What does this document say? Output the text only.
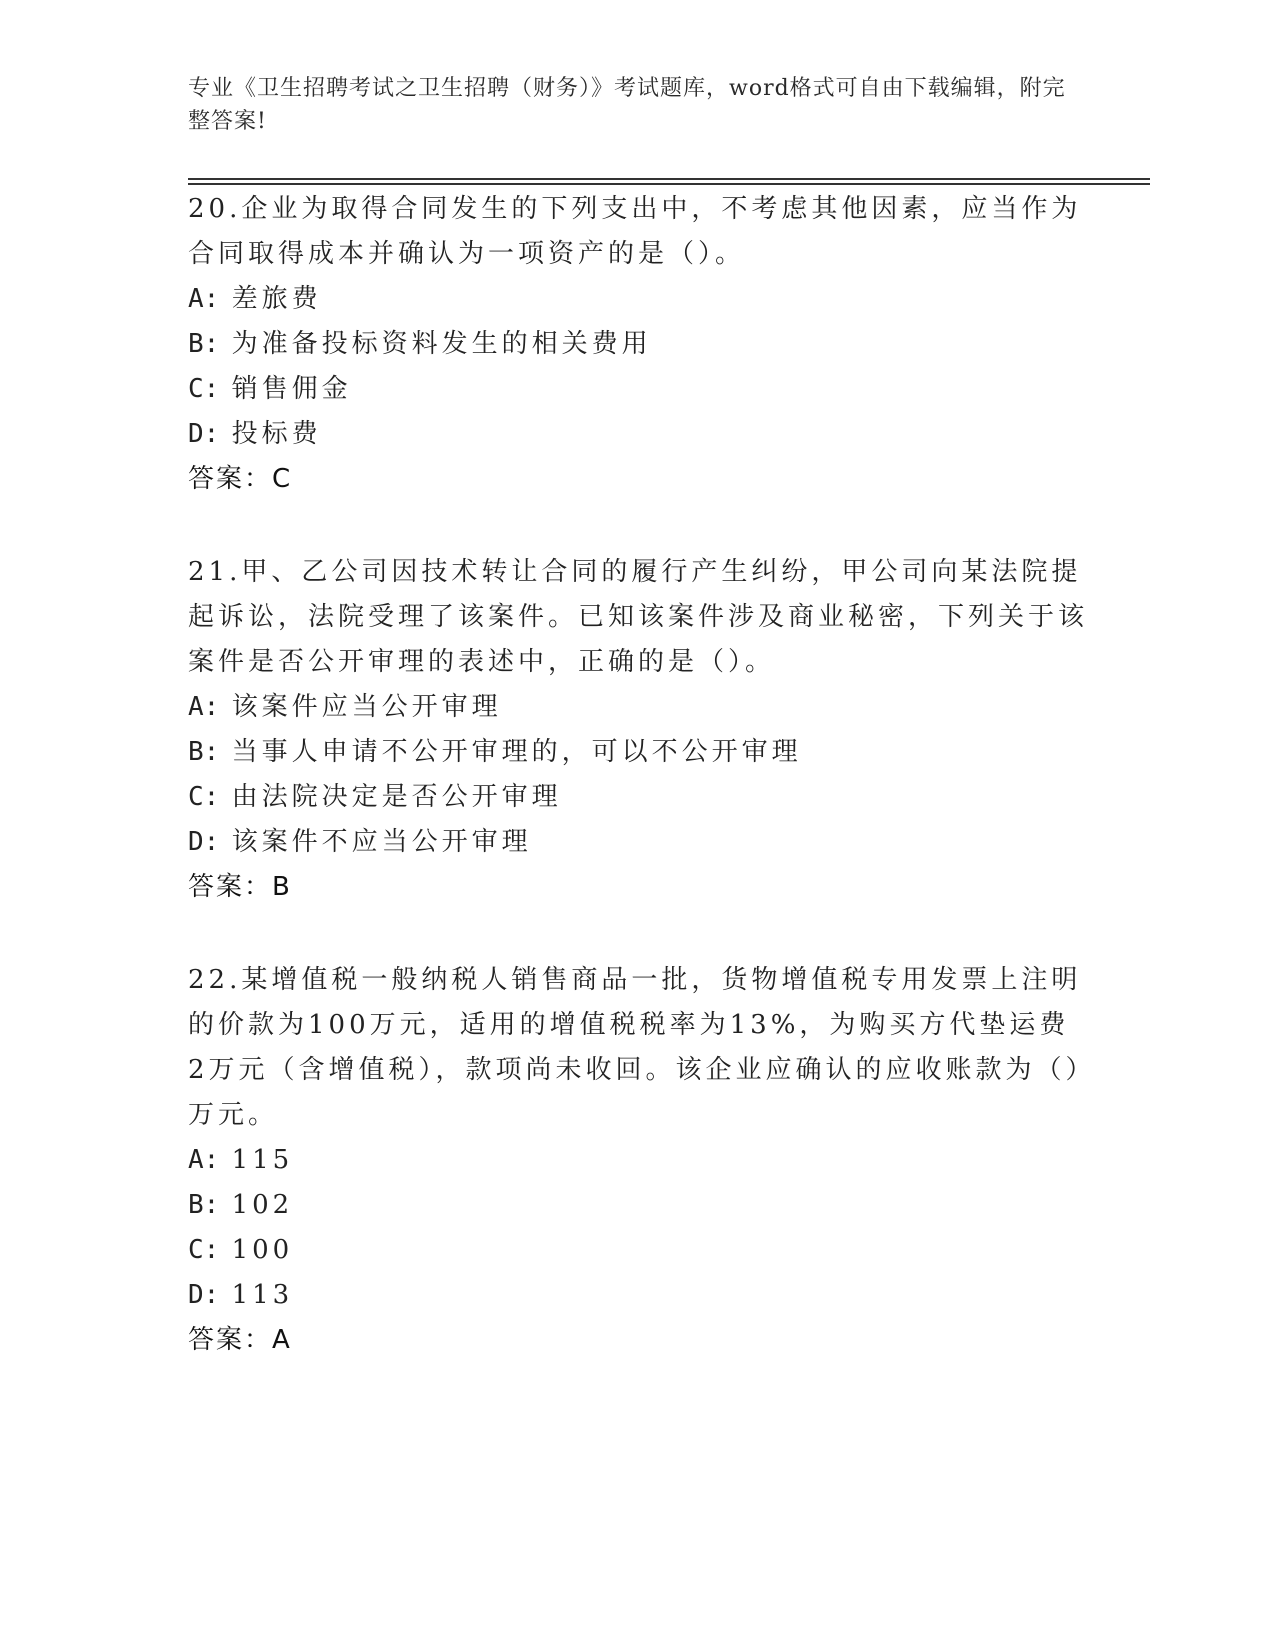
专业《卫生招聘考试之卫生招聘（财务）》考试题库，word格式可自由下载编辑，附完整答案!

20.企业为取得合同发生的下列支出中，不考虑其他因素，应当作为合同取得成本并确认为一项资产的是（）。

A: 差旅费

B: 为准备投标资料发生的相关费用

C: 销售佣金

D: 投标费

答案：C

21.甲、乙公司因技术转让合同的履行产生纠纷，甲公司向某法院提起诉讼，法院受理了该案件。已知该案件涉及商业秘密，下列关于该案件是否公开审理的表述中，正确的是（）。

A: 该案件应当公开审理

B: 当事人申请不公开审理的，可以不公开审理

C: 由法院决定是否公开审理

D: 该案件不应当公开审理

答案：B

22.某增值税一般纳税人销售商品一批，货物增值税专用发票上注明的价款为100万元，适用的增值税税率为13%，为购买方代垫运费2万元（含增值税），款项尚未收回。该企业应确认的应收账款为（）万元。

A: 115

B: 102

C: 100

D: 113

答案：A
